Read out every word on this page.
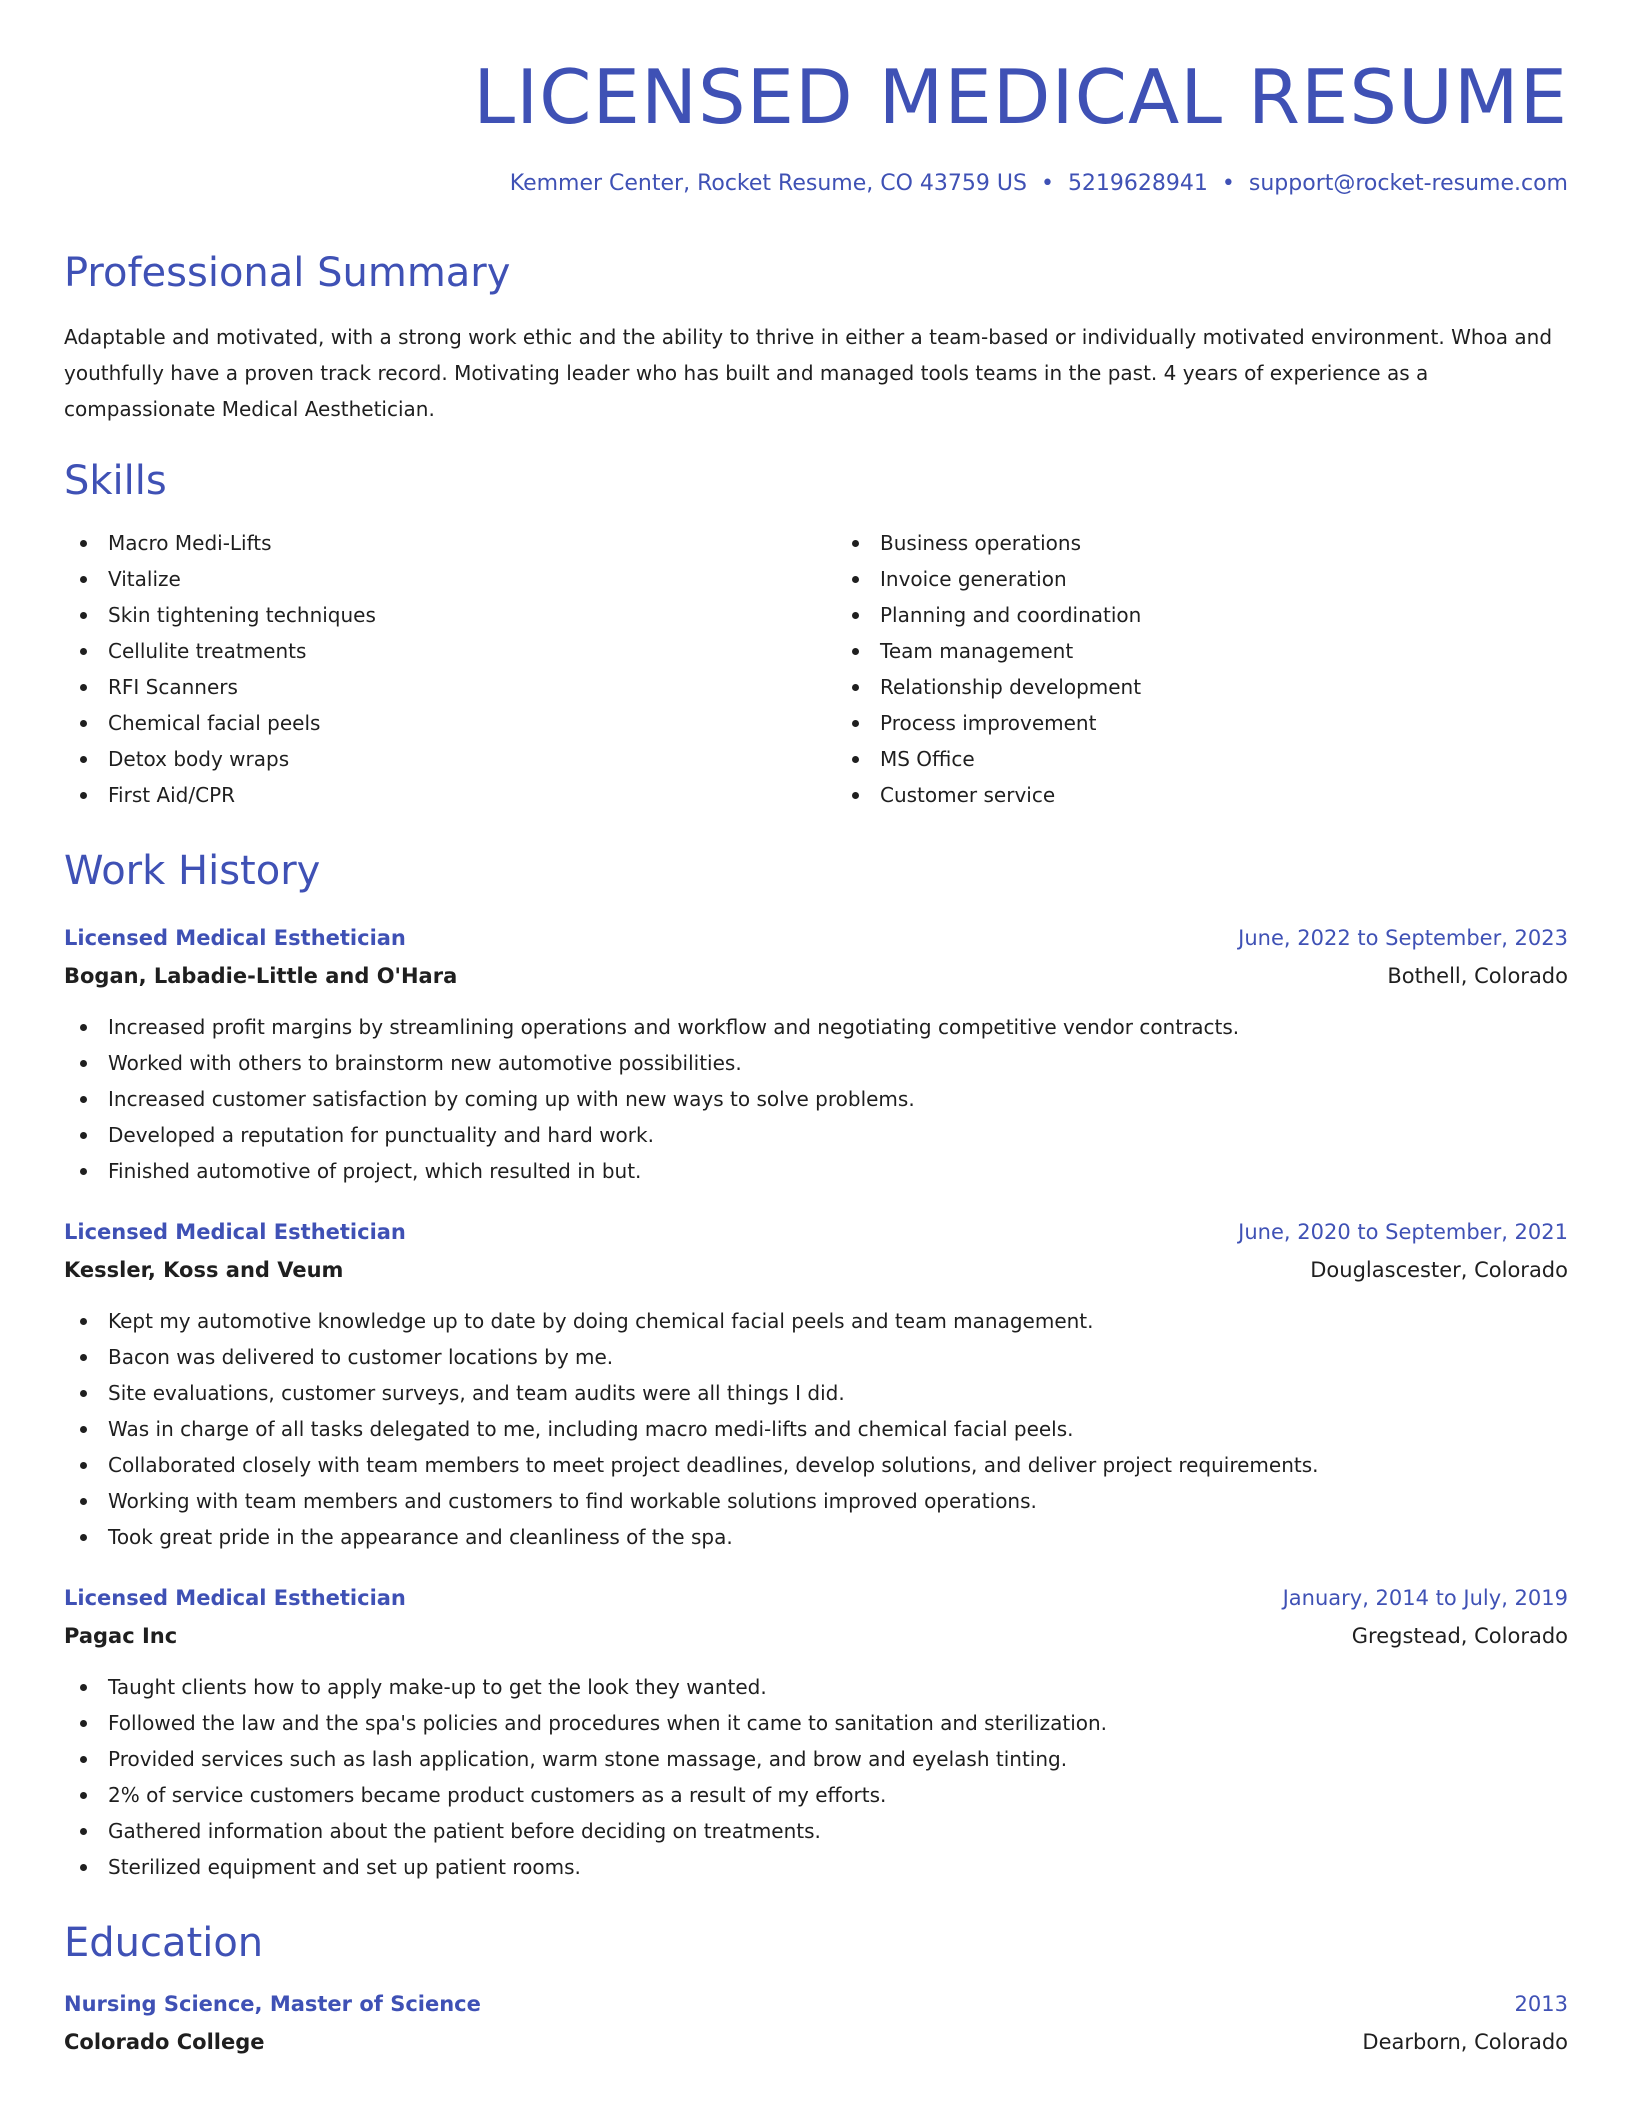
LICENSED MEDICAL RESUME
Kemmer Center, Rocket Resume, CO 43759 US • 5219628941 • support@rocket-resume.com
Professional Summary

Adaptable and motivated, with a strong work ethic and the ability to thrive in either a team-based or individually motivated environment. Whoa and youthfully have a proven track record. Motivating leader who has built and managed tools teams in the past. 4 years of experience as a compassionate Medical Aesthetician.

Skills
Macro Medi-Lifts
Vitalize
Skin tightening techniques
Cellulite treatments
RFI Scanners
Chemical facial peels
Detox body wraps
First Aid/CPR
Business operations
Invoice generation
Planning and coordination
Team management
Relationship development
Process improvement
MS Office
Customer service
Work History
Licensed Medical Esthetician	June, 2022 to September, 2023
Bogan, Labadie-Little and O'Hara	Bothell, Colorado
Increased profit margins by streamlining operations and workflow and negotiating competitive vendor contracts.
Worked with others to brainstorm new automotive possibilities.
Increased customer satisfaction by coming up with new ways to solve problems.
Developed a reputation for punctuality and hard work.
Finished automotive of project, which resulted in but.
Licensed Medical Esthetician	June, 2020 to September, 2021
Kessler, Koss and Veum	Douglascester, Colorado
Kept my automotive knowledge up to date by doing chemical facial peels and team management.
Bacon was delivered to customer locations by me.
Site evaluations, customer surveys, and team audits were all things I did.
Was in charge of all tasks delegated to me, including macro medi-lifts and chemical facial peels.
Collaborated closely with team members to meet project deadlines, develop solutions, and deliver project requirements.
Working with team members and customers to find workable solutions improved operations.
Took great pride in the appearance and cleanliness of the spa.
Licensed Medical Esthetician	January, 2014 to July, 2019
Pagac Inc	Gregstead, Colorado
Taught clients how to apply make-up to get the look they wanted.
Followed the law and the spa's policies and procedures when it came to sanitation and sterilization.
Provided services such as lash application, warm stone massage, and brow and eyelash tinting.
2% of service customers became product customers as a result of my efforts.
Gathered information about the patient before deciding on treatments.
Sterilized equipment and set up patient rooms.
Education
Nursing Science, Master of Science	2013
Colorado College	Dearborn, Colorado
